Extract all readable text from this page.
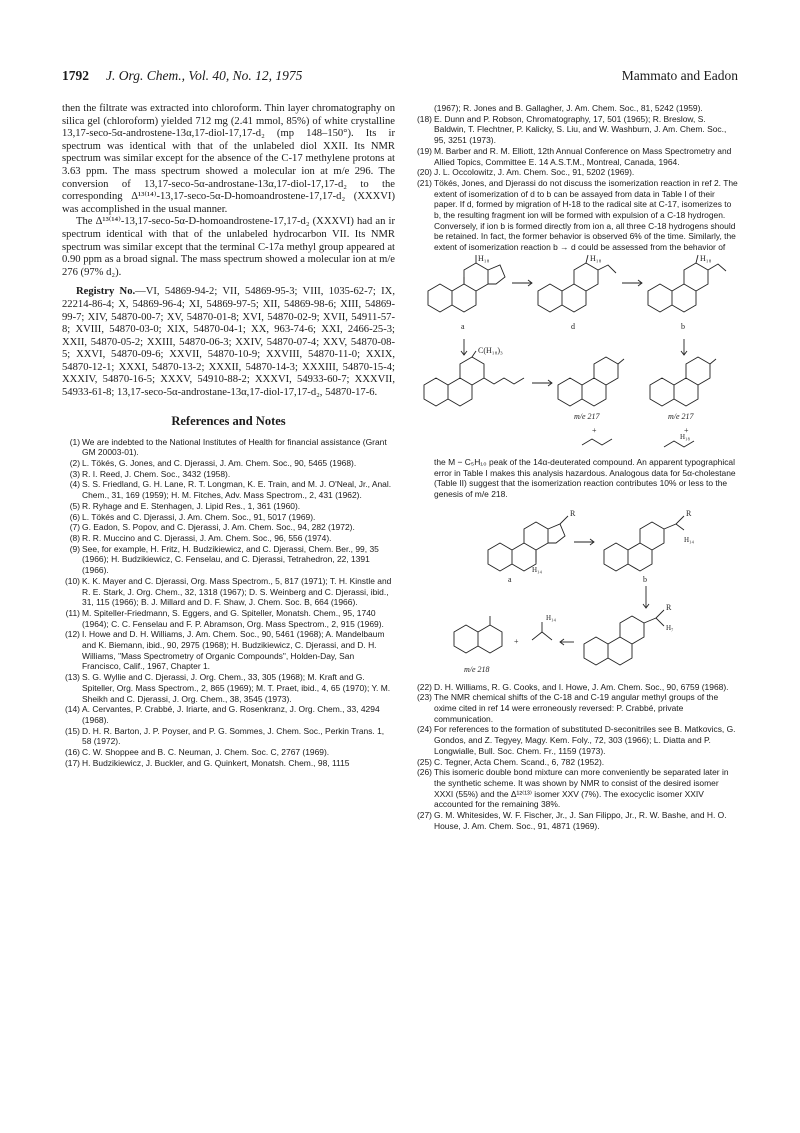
1792 J. Org. Chem., Vol. 40, No. 12, 1975	Mammato and Eadon

then the filtrate was extracted into chloroform. Thin layer chromatography on silica gel (chloroform) yielded 712 mg (2.41 mmol, 85%) of white crystalline 13,17-seco-5α-androstene-13α,17-diol-17,17-d₂ (mp 148–150°). Its ir spectrum was identical with that of the unlabeled diol XXII. Its NMR spectrum was similar except for the absence of the C-17 methylene protons at 3.63 ppm. The mass spectrum showed a molecular ion at m/e 296. The conversion of 13,17-seco-5α-androstane-13α,17-diol-17,17-d₂ to the corresponding Δ¹³⁽¹⁴⁾-13,17-seco-5α-D-homoandrostene-17,17-d₂ (XXXVI) was accomplished in the usual manner.

The Δ¹³⁽¹⁴⁾-13,17-seco-5α-D-homoandrostene-17,17-d₂ (XXXVI) had an ir spectrum identical with that of the unlabeled hydrocarbon VII. Its NMR spectrum was similar except that the terminal C-17a methyl group appeared at 0.90 ppm as a broad signal. The mass spectrum showed a molecular ion at m/e 276 (97% d₂).

Registry No.—VI, 54869-94-2; VII, 54869-95-3; VIII, 1035-62-7; IX, 22214-86-4; X, 54869-96-4; XI, 54869-97-5; XII, 54869-98-6; XIII, 54869-99-7; XIV, 54870-00-7; XV, 54870-01-8; XVI, 54870-02-9; XVII, 54911-57-8; XVIII, 54870-03-0; XIX, 54870-04-1; XX, 963-74-6; XXI, 2466-25-3; XXII, 54870-05-2; XXIII, 54870-06-3; XXIV, 54870-07-4; XXV, 54870-08-5; XXVI, 54870-09-6; XXVII, 54870-10-9; XXVIII, 54870-11-0; XXIX, 54870-12-1; XXXI, 54870-13-2; XXXII, 54870-14-3; XXXIII, 54870-15-4; XXXIV, 54870-16-5; XXXV, 54910-88-2; XXXVI, 54933-60-7; XXXVII, 54933-61-8; 13,17-seco-5α-androstane-13α,17-diol-17,17-d₂, 54870-17-6.

References and Notes
(1) We are indebted to the National Institutes of Health for financial assistance (Grant GM 20003-01).
(2) L. Tökés, G. Jones, and C. Djerassi, J. Am. Chem. Soc., 90, 5465 (1968).
(3) R. I. Reed, J. Chem. Soc., 3432 (1958).
(4) S. S. Friedland, G. H. Lane, R. T. Longman, K. E. Train, and M. J. O'Neal, Jr., Anal. Chem., 31, 169 (1959); H. M. Fitches, Adv. Mass Spectrom., 2, 431 (1962).
(5) R. Ryhage and E. Stenhagen, J. Lipid Res., 1, 361 (1960).
(6) L. Tökés and C. Djerassi, J. Am. Chem. Soc., 91, 5017 (1969).
(7) G. Eadon, S. Popov, and C. Djerassi, J. Am. Chem. Soc., 94, 282 (1972).
(8) R. R. Muccino and C. Djerassi, J. Am. Chem. Soc., 96, 556 (1974).
(9) See, for example, H. Fritz, H. Budzikiewicz, and C. Djerassi, Chem. Ber., 99, 35 (1966); H. Budzikiewicz, C. Fenselau, and C. Djerassi, Tetrahedron, 22, 1391 (1966).
(10) K. K. Mayer and C. Djerassi, Org. Mass Spectrom., 5, 817 (1971); T. H. Kinstle and R. E. Stark, J. Org. Chem., 32, 1318 (1967); D. S. Weinberg and C. Djerassi, ibid., 31, 115 (1966); B. J. Millard and D. F. Shaw, J. Chem. Soc. B, 664 (1966).
(11) M. Spiteller-Friedmann, S. Eggers, and G. Spiteller, Monatsh. Chem., 95, 1740 (1964); C. C. Fenselau and F. P. Abramson, Org. Mass Spectrom., 2, 915 (1969).
(12) I. Howe and D. H. Williams, J. Am. Chem. Soc., 90, 5461 (1968); A. Mandelbaum and K. Biemann, ibid., 90, 2975 (1968); H. Budzikiewicz, C. Djerassi, and D. H. Williams, "Mass Spectrometry of Organic Compounds", Holden-Day, San Francisco, Calif., 1967, Chapter 1.
(13) S. G. Wyllie and C. Djerassi, J. Org. Chem., 33, 305 (1968); M. Kraft and G. Spiteller, Org. Mass Spectrom., 2, 865 (1969); M. T. Praet, ibid., 4, 65 (1970); Y. M. Sheikh and C. Djerassi, J. Org. Chem., 38, 3545 (1973).
(14) A. Cervantes, P. Crabbé, J. Iriarte, and G. Rosenkranz, J. Org. Chem., 33, 4294 (1968).
(15) D. H. R. Barton, J. P. Poyser, and P. G. Sommes, J. Chem. Soc., Perkin Trans. 1, 58 (1972).
(16) C. W. Shoppee and B. C. Neuman, J. Chem. Soc. C, 2767 (1969).
(17) H. Budzikiewicz, J. Buckler, and G. Quinkert, Monatsh. Chem., 98, 1115
(1967); R. Jones and B. Gallagher, J. Am. Chem. Soc., 81, 5242 (1959).
(18) E. Dunn and P. Robson, Chromatography, 17, 501 (1965); R. Breslow, S. Baldwin, T. Flechtner, P. Kalicky, S. Liu, and W. Washburn, J. Am. Chem. Soc., 95, 3251 (1973).
(19) M. Barber and R. M. Elliott, 12th Annual Conference on Mass Spectrometry and Allied Topics, Committee E. 14 A.S.T.M., Montreal, Canada, 1964.
(20) J. L. Occolowitz, J. Am. Chem. Soc., 91, 5202 (1969).
(21) Tökés, Jones, and Djerassi do not discuss the isomerization reaction in ref 2. The extent of isomerization of d to b can be assayed from data in Table I of their paper. If d, formed by migration of H-18 to the radical site at C-17, isomerizes to b, the resulting fragment ion will be formed with expulsion of a C-18 hydrogen. Conversely, if ion b is formed directly from ion a, all three C-18 hydrogens should be retained. In fact, the former behavior is observed 6% of the time. Similarly, the extent of isomerization reaction b → d could be assessed from the behavior of
H₁₈	H₁₈	H₁₈
a	d	b
C(H₁₈)₃
m/e 217	m/e 217
+	+
H₁₈
the M − C₅H₁₀ peak of the 14α-deuterated compound. An apparent typographical error in Table I makes this analysis hazardous. Analogous data for 5α-cholestane (Table II) suggest that the isomerization reaction contributes 10% or less to the genesis of m/e 218.
R	R
R
H₁₄
H₁₄
H₁₄
H₇
a	b
+
m/e 218
(22) D. H. Williams, R. G. Cooks, and I. Howe, J. Am. Chem. Soc., 90, 6759 (1968).
(23) The NMR chemical shifts of the C-18 and C-19 angular methyl groups of the oxime cited in ref 14 were erroneously reversed: P. Crabbé, private communication.
(24) For references to the formation of substituted D-seconitriles see B. Matkovics, G. Gondos, and Z. Tegyey, Magy. Kem. Foly., 72, 303 (1966); L. Diatta and P. Longwialle, Bull. Soc. Chem. Fr., 1159 (1973).
(25) C. Tegner, Acta Chem. Scand., 6, 782 (1952).
(26) This isomeric double bond mixture can more conveniently be separated later in the synthetic scheme. It was shown by NMR to consist of the desired isomer XXXI (55%) and the Δ¹²⁽¹³⁾ isomer XXV (7%). The exocyclic isomer XXIV accounted for the remaining 38%.
(27) G. M. Whitesides, W. F. Fischer, Jr., J. San Filippo, Jr., R. W. Bashe, and H. O. House, J. Am. Chem. Soc., 91, 4871 (1969).
